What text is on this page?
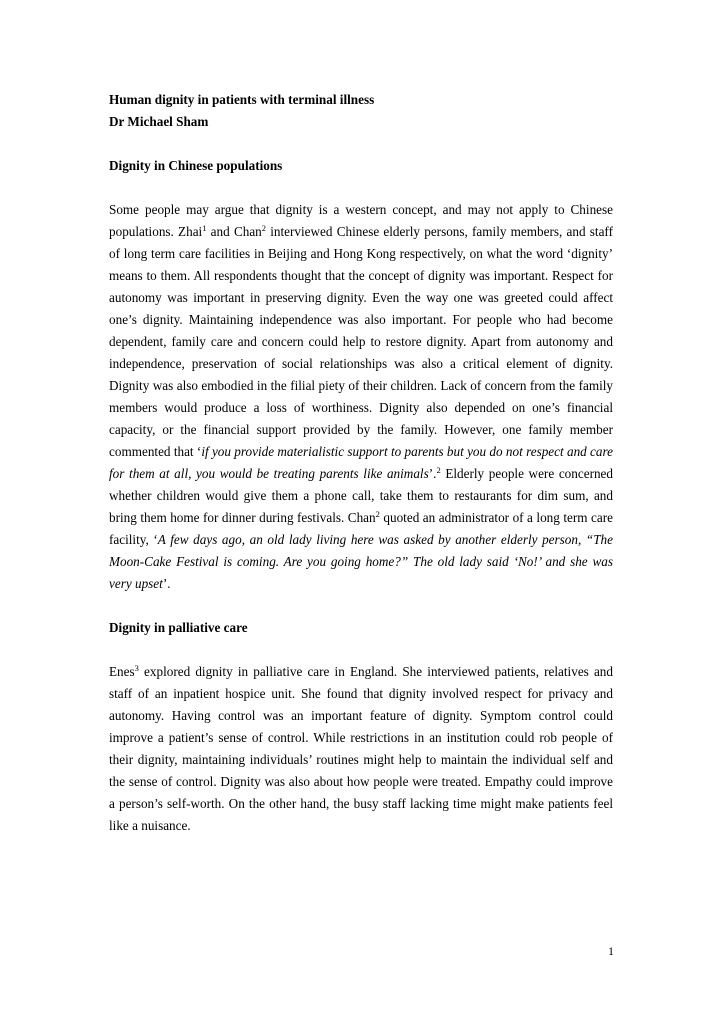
Human dignity in patients with terminal illness

Dr Michael Sham

Dignity in Chinese populations

Some people may argue that dignity is a western concept, and may not apply to Chinese populations. Zhai$^1$ and Chan$^2$ interviewed Chinese elderly persons, family members, and staff of long term care facilities in Beijing and Hong Kong respectively, on what the word ‘dignity’ means to them. All respondents thought that the concept of dignity was important. Respect for autonomy was important in preserving dignity. Even the way one was greeted could affect one’s dignity. Maintaining independence was also important. For people who had become dependent, family care and concern could help to restore dignity. Apart from autonomy and independence, preservation of social relationships was also a critical element of dignity. Dignity was also embodied in the filial piety of their children. Lack of concern from the family members would produce a loss of worthiness. Dignity also depended on one’s financial capacity, or the financial support provided by the family. However, one family member commented that ‘if you provide materialistic support to parents but you do not respect and care for them at all, you would be treating parents like animals’.$^2$ Elderly people were concerned whether children would give them a phone call, take them to restaurants for dim sum, and bring them home for dinner during festivals. Chan$^2$ quoted an administrator of a long term care facility, ‘A few days ago, an old lady living here was asked by another elderly person, “The Moon-Cake Festival is coming. Are you going home?” The old lady said ‘No!’ and she was very upset’.

Dignity in palliative care

Enes$^3$ explored dignity in palliative care in England. She interviewed patients, relatives and staff of an inpatient hospice unit. She found that dignity involved respect for privacy and autonomy. Having control was an important feature of dignity. Symptom control could improve a patient’s sense of control. While restrictions in an institution could rob people of their dignity, maintaining individuals’ routines might help to maintain the individual self and the sense of control. Dignity was also about how people were treated. Empathy could improve a person’s self-worth. On the other hand, the busy staff lacking time might make patients feel like a nuisance.

1
